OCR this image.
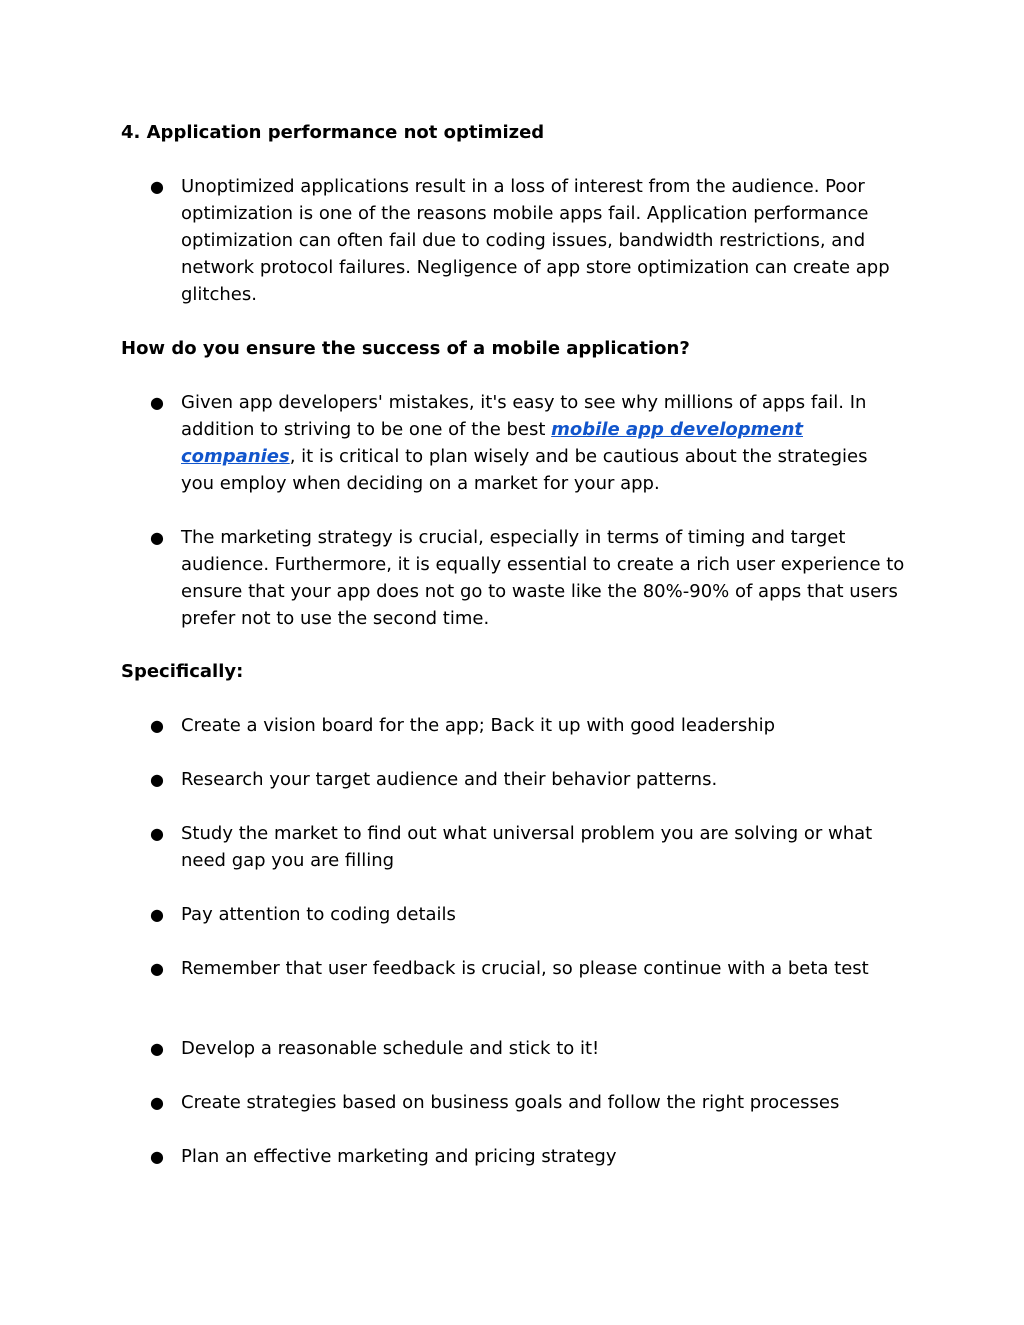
4. Application performance not optimized
● Unoptimized applications result in a loss of interest from the audience. Poor optimization is one of the reasons mobile apps fail. Application performance optimization can often fail due to coding issues, bandwidth restrictions, and network protocol failures. Negligence of app store optimization can create app glitches.

How do you ensure the success of a mobile application?
● Given app developers' mistakes, it's easy to see why millions of apps fail. In addition to striving to be one of the best mobile app development companies, it is critical to plan wisely and be cautious about the strategies you employ when deciding on a market for your app.

● The marketing strategy is crucial, especially in terms of timing and target audience. Furthermore, it is equally essential to create a rich user experience to ensure that your app does not go to waste like the 80%-90% of apps that users prefer not to use the second time.

Specifically:
● Create a vision board for the app; Back it up with good leadership

● Research your target audience and their behavior patterns.

● Study the market to find out what universal problem you are solving or what need gap you are filling

● Pay attention to coding details

● Remember that user feedback is crucial, so please continue with a beta test

● Develop a reasonable schedule and stick to it!

● Create strategies based on business goals and follow the right processes

● Plan an effective marketing and pricing strategy
